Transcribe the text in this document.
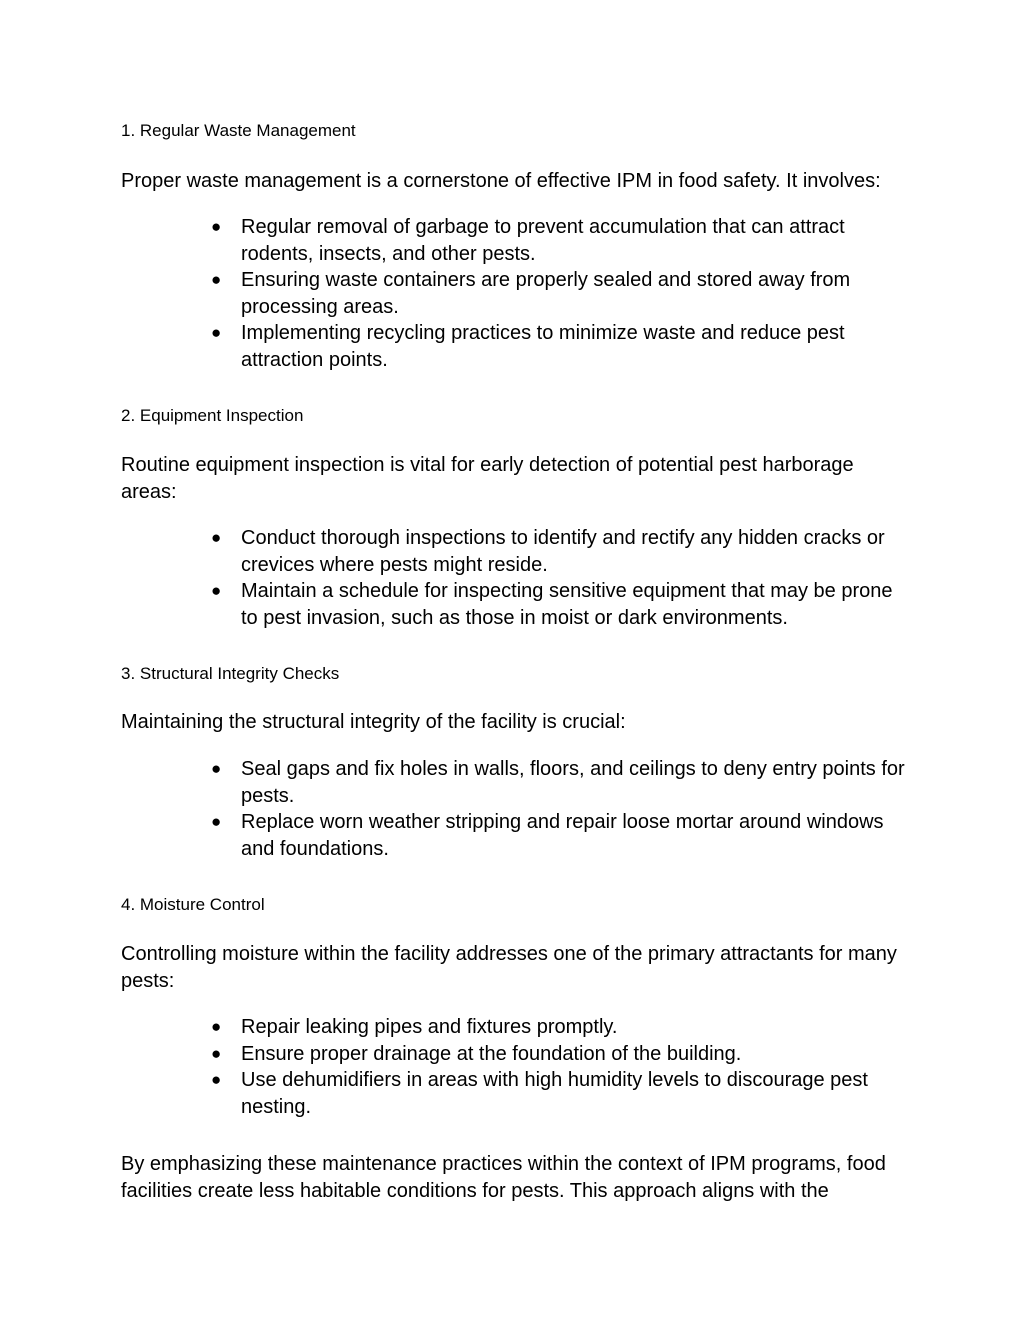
1. Regular Waste Management

Proper waste management is a cornerstone of effective IPM in food safety. It involves:

● Regular removal of garbage to prevent accumulation that can attract rodents, insects, and other pests.
● Ensuring waste containers are properly sealed and stored away from processing areas.
● Implementing recycling practices to minimize waste and reduce pest attraction points.

2. Equipment Inspection

Routine equipment inspection is vital for early detection of potential pest harborage areas:

● Conduct thorough inspections to identify and rectify any hidden cracks or crevices where pests might reside.
● Maintain a schedule for inspecting sensitive equipment that may be prone to pest invasion, such as those in moist or dark environments.

3. Structural Integrity Checks

Maintaining the structural integrity of the facility is crucial:

● Seal gaps and fix holes in walls, floors, and ceilings to deny entry points for pests.
● Replace worn weather stripping and repair loose mortar around windows and foundations.

4. Moisture Control

Controlling moisture within the facility addresses one of the primary attractants for many pests:

● Repair leaking pipes and fixtures promptly.
● Ensure proper drainage at the foundation of the building.
● Use dehumidifiers in areas with high humidity levels to discourage pest nesting.

By emphasizing these maintenance practices within the context of IPM programs, food facilities create less habitable conditions for pests. This approach aligns with the
